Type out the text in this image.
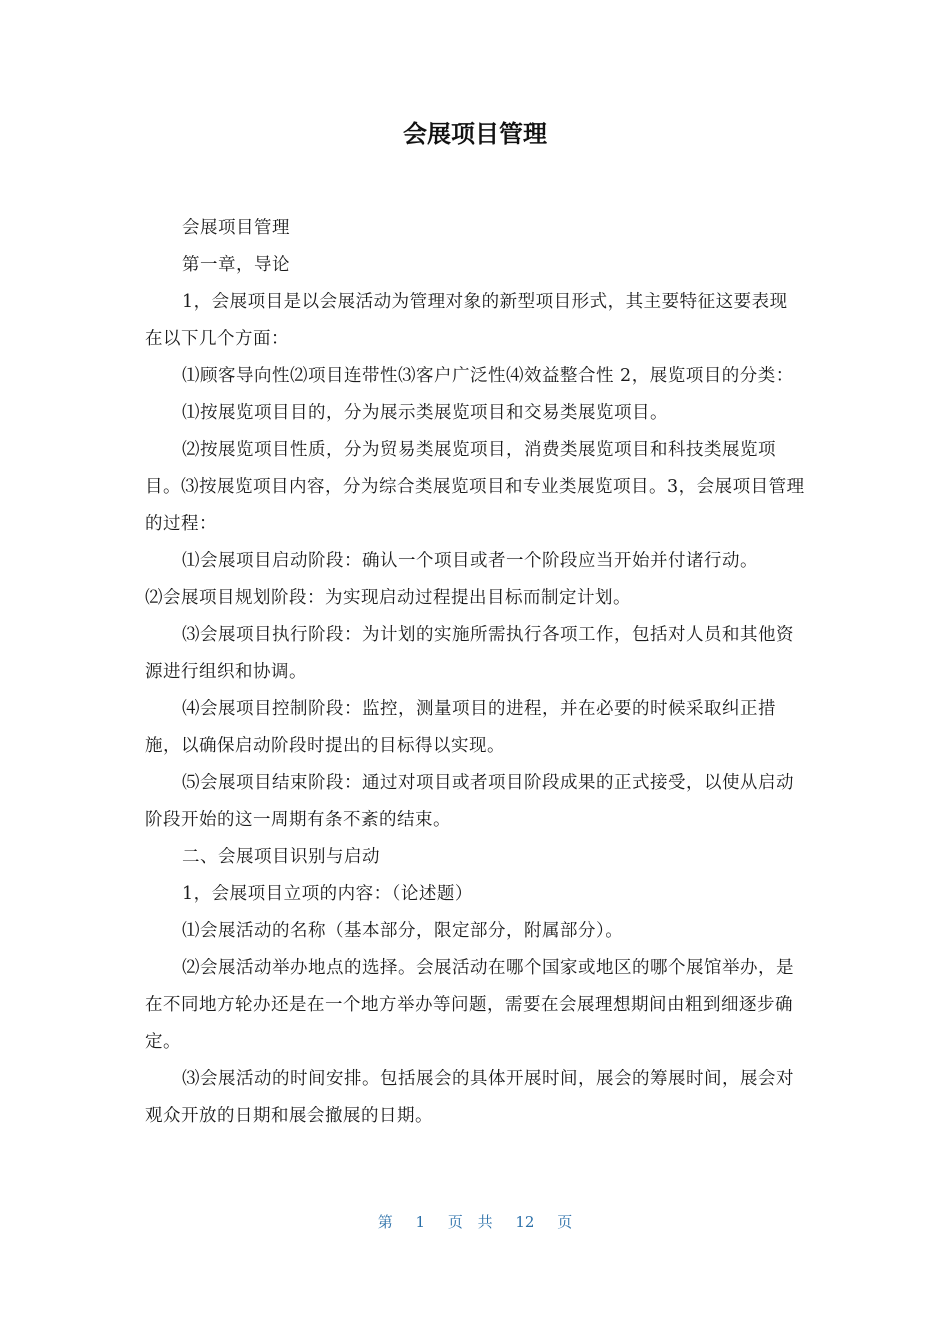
会展项目管理

会展项目管理

第一章，导论

1，会展项目是以会展活动为管理对象的新型项目形式，其主要特征这要表现在以下几个方面：

⑴顾客导向性⑵项目连带性⑶客户广泛性⑷效益整合性 2，展览项目的分类：

⑴按展览项目目的，分为展示类展览项目和交易类展览项目。

⑵按展览项目性质，分为贸易类展览项目，消费类展览项目和科技类展览项目。⑶按展览项目内容，分为综合类展览项目和专业类展览项目。3，会展项目管理的过程：

⑴会展项目启动阶段：确认一个项目或者一个阶段应当开始并付诸行动。

⑵会展项目规划阶段：为实现启动过程提出目标而制定计划。

⑶会展项目执行阶段：为计划的实施所需执行各项工作，包括对人员和其他资源进行组织和协调。

⑷会展项目控制阶段：监控，测量项目的进程，并在必要的时候采取纠正措施，以确保启动阶段时提出的目标得以实现。

⑸会展项目结束阶段：通过对项目或者项目阶段成果的正式接受，以使从启动阶段开始的这一周期有条不紊的结束。

二、会展项目识别与启动

1，会展项目立项的内容：（论述题）

⑴会展活动的名称（基本部分，限定部分，附属部分）。

⑵会展活动举办地点的选择。会展活动在哪个国家或地区的哪个展馆举办，是在不同地方轮办还是在一个地方举办等问题，需要在会展理想期间由粗到细逐步确定。

⑶会展活动的时间安排。包括展会的具体开展时间，展会的筹展时间，展会对观众开放的日期和展会撤展的日期。

第 1 页 共 12 页
